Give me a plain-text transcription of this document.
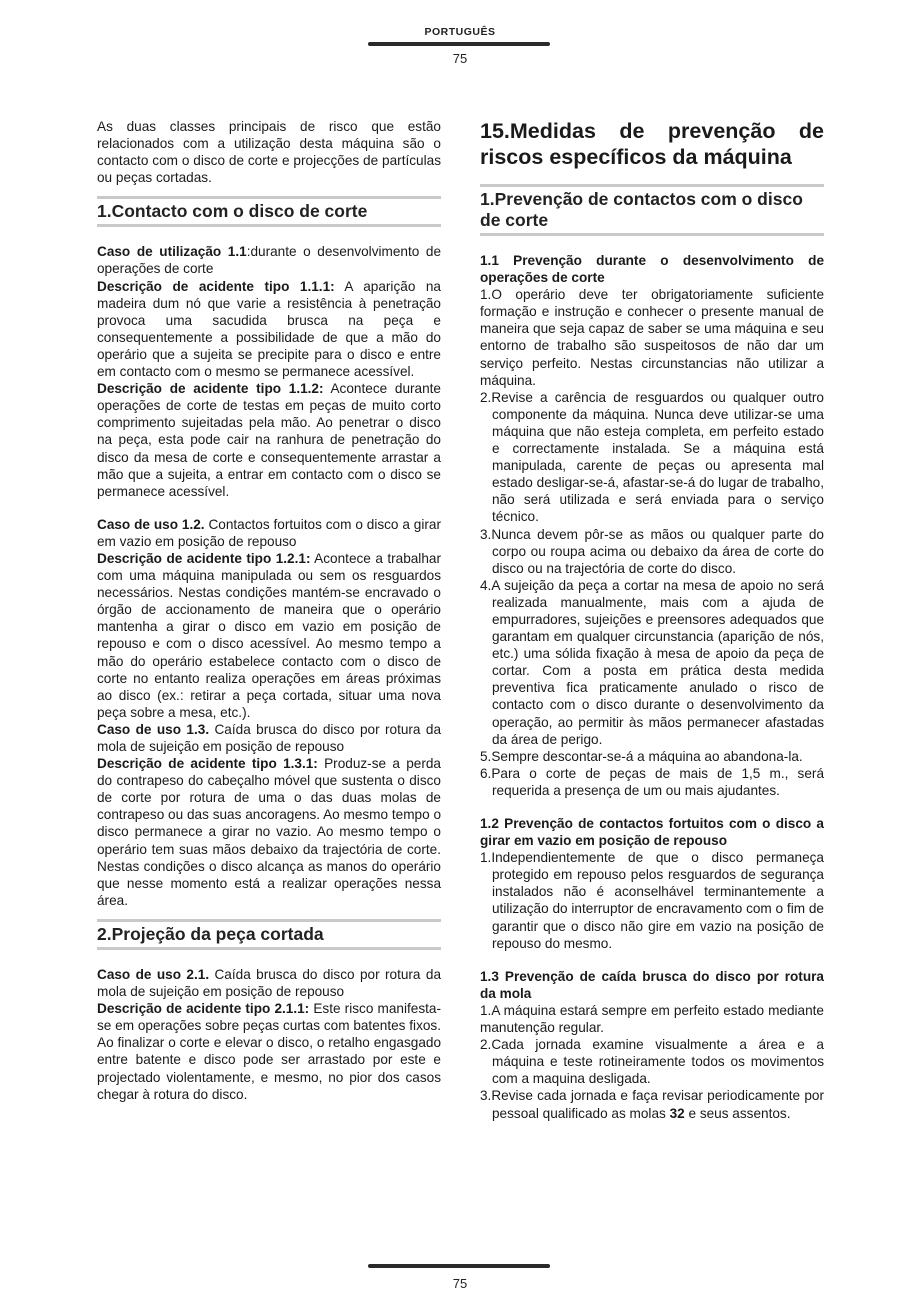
PORTUGUÊS
75

As duas classes principais de risco que estão relacionados com a utilização desta máquina são o contacto com o disco de corte e projecções de partículas ou peças cortadas.

1.Contacto com o disco de corte

Caso de utilização 1.1:durante o desenvolvimento de operações de corte

Descrição de acidente tipo 1.1.1: A aparição na madeira dum nó que varie a resistência à penetração provoca uma sacudida brusca na peça e consequentemente a possibilidade de que a mão do operário que a sujeita se precipite para o disco e entre em contacto com o mesmo se permanece acessível.

Descrição de acidente tipo 1.1.2: Acontece durante operações de corte de testas em peças de muito corto comprimento sujeitadas pela mão. Ao penetrar o disco na peça, esta pode cair na ranhura de penetração do disco da mesa de corte e consequentemente arrastar a mão que a sujeita, a entrar em contacto com o disco se permanece acessível.

Caso de uso 1.2. Contactos fortuitos com o disco a girar em vazio em posição de repouso

Descrição de acidente tipo 1.2.1: Acontece a trabalhar com uma máquina manipulada ou sem os resguardos necessários. Nestas condições mantém-se encravado o órgão de accionamento de maneira que o operário mantenha a girar o disco em vazio em posição de repouso e com o disco acessível. Ao mesmo tempo a mão do operário estabelece contacto com o disco de corte no entanto realiza operações em áreas próximas ao disco (ex.: retirar a peça cortada, situar uma nova peça sobre a mesa, etc.).

Caso de uso 1.3. Caída brusca do disco por rotura da mola de sujeição em posição de repouso

Descrição de acidente tipo 1.3.1: Produz-se a perda do contrapeso do cabeçalho móvel que sustenta o disco de corte por rotura de uma o das duas molas de contrapeso ou das suas ancoragens. Ao mesmo tempo o disco permanece a girar no vazio. Ao mesmo tempo o operário tem suas mãos debaixo da trajectória de corte. Nestas condições o disco alcança as manos do operário que nesse momento está a realizar operações nessa área.

2.Projeção da peça cortada

Caso de uso 2.1. Caída brusca do disco por rotura da mola de sujeição em posição de repouso

Descrição de acidente tipo 2.1.1: Este risco manifesta-se em operações sobre peças curtas com batentes fixos. Ao finalizar o corte e elevar o disco, o retalho engasgado entre batente e disco pode ser arrastado por este e projectado violentamente, e mesmo, no pior dos casos chegar à rotura do disco.

15.Medidas de prevenção de riscos específicos da máquina
1.Prevenção de contactos com o disco de corte

1.1 Prevenção durante o desenvolvimento de operações de corte

1.O operário deve ter obrigatoriamente suficiente formação e instrução e conhecer o presente manual de maneira que seja capaz de saber se uma máquina e seu entorno de trabalho são suspeitosos de não dar um serviço perfeito. Nestas circunstancias não utilizar a máquina.

2.Revise a carência de resguardos ou qualquer outro componente da máquina. Nunca deve utilizar-se uma máquina que não esteja completa, em perfeito estado e correctamente instalada. Se a máquina está manipulada, carente de peças ou apresenta mal estado desligar-se-á, afastar-se-á do lugar de trabalho, não será utilizada e será enviada para o serviço técnico.

3.Nunca devem pôr-se as mãos ou qualquer parte do corpo ou roupa acima ou debaixo da área de corte do disco ou na trajectória de corte do disco.

4.A sujeição da peça a cortar na mesa de apoio no será realizada manualmente, mais com a ajuda de empurradores, sujeições e preensores adequados que garantam em qualquer circunstancia (aparição de nós, etc.) uma sólida fixação à mesa de apoio da peça de cortar. Com a posta em prática desta medida preventiva fica praticamente anulado o risco de contacto com o disco durante o desenvolvimento da operação, ao permitir às mãos permanecer afastadas da área de perigo.

5.Sempre descontar-se-á a máquina ao abandona-la.

6.Para o corte de peças de mais de 1,5 m., será requerida a presença de um ou mais ajudantes.

1.2 Prevenção de contactos fortuitos com o disco a girar em vazio em posição de repouso

1.Independientemente de que o disco permaneça protegido em repouso pelos resguardos de segurança instalados não é aconselhável terminantemente a utilização do interruptor de encravamento com o fim de garantir que o disco não gire em vazio na posição de repouso do mesmo.

1.3 Prevenção de caída brusca do disco por rotura da mola

1.A máquina estará sempre em perfeito estado mediante manutenção regular.

2.Cada jornada examine visualmente a área e a máquina e teste rotineiramente todos os movimentos com a maquina desligada.

3.Revise cada jornada e faça revisar periodicamente por pessoal qualificado as molas 32 e seus assentos.

75
